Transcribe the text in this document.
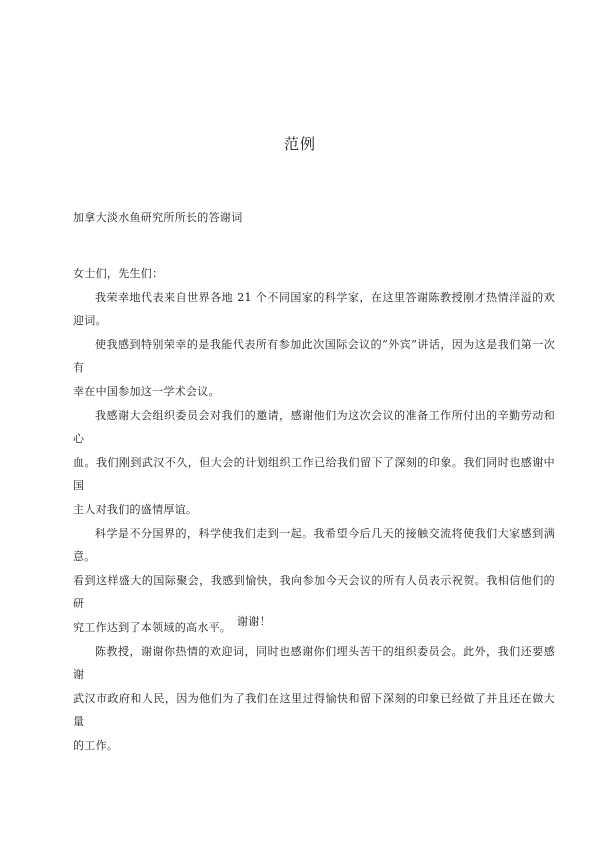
范例
加拿大淡水鱼研究所所长的答谢词

女士们，先生们：

我荣幸地代表来自世界各地 21 个不同国家的科学家，在这里答谢陈教授刚才热情洋溢的欢迎词。

使我感到特别荣幸的是我能代表所有参加此次国际会议的“外宾”讲话，因为这是我们第一次有
幸在中国参加这一学术会议。

我感谢大会组织委员会对我们的邀请，感谢他们为这次会议的准备工作所付出的辛勤劳动和心
血。我们刚到武汉不久，但大会的计划组织工作已给我们留下了深刻的印象。我们同时也感谢中国
主人对我们的盛情厚谊。

科学是不分国界的，科学使我们走到一起。我希望今后几天的接触交流将使我们大家感到满意。
看到这样盛大的国际聚会，我感到愉快，我向参加今天会议的所有人员表示祝贺。我相信他们的研
究工作达到了本领域的高水平。

陈教授，谢谢你热情的欢迎词，同时也感谢你们埋头苦干的组织委员会。此外，我们还要感谢
武汉市政府和人民，因为他们为了我们在这里过得愉快和留下深刻的印象已经做了并且还在做大量
的工作。

谢谢！
